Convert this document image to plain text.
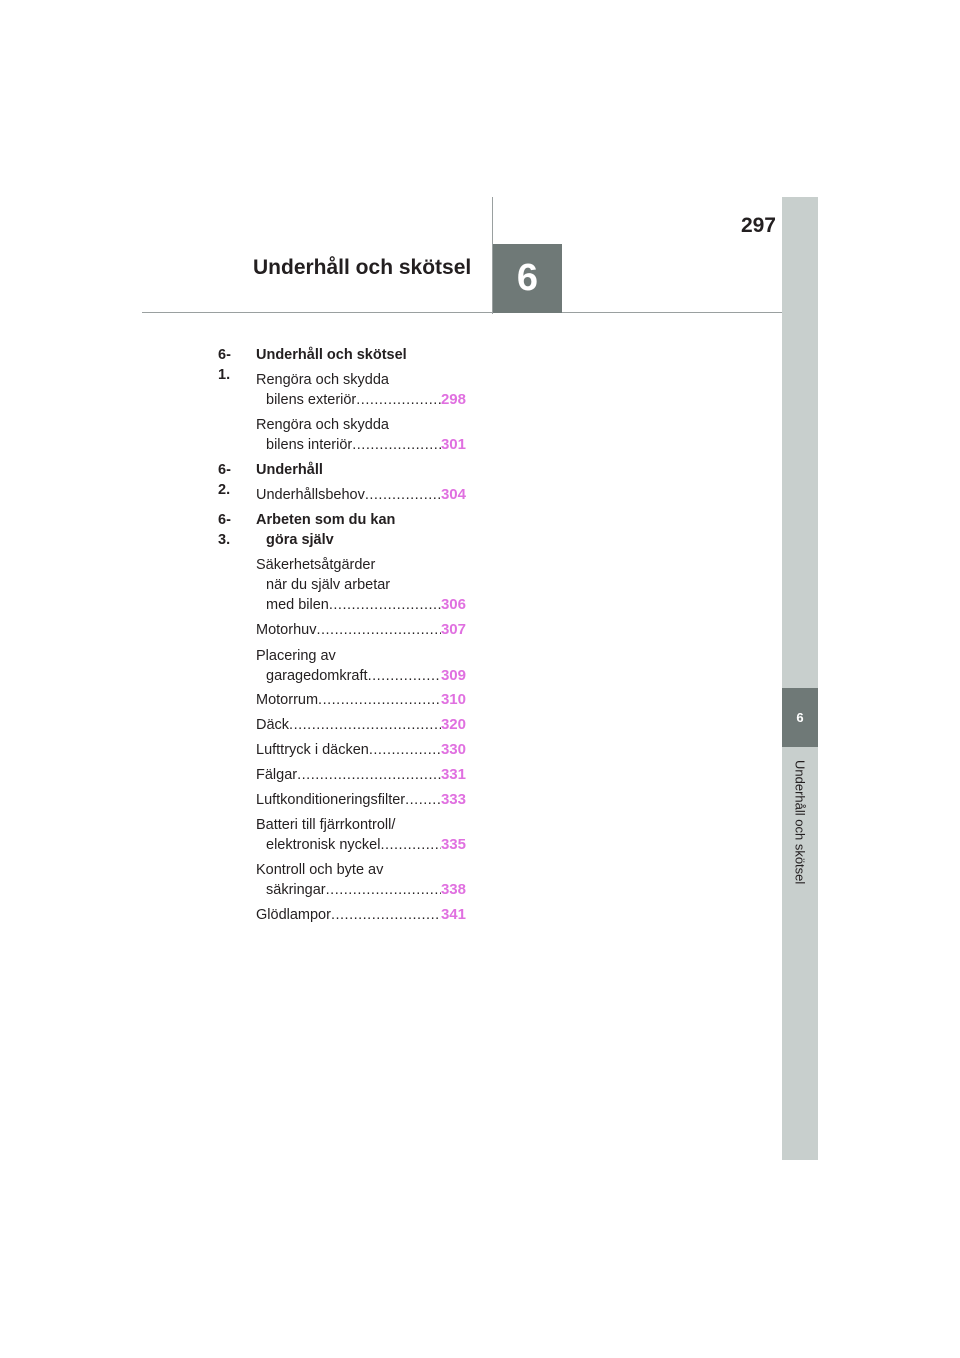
297
Underhåll och skötsel	6
6
Underhåll och skötsel
6-1.
Underhåll och skötsel
Rengöra och skydda
bilens exteriör .....	298
Rengöra och skydda
bilens interiör .....	301
6-2.
Underhåll
Underhållsbehov .....	304
6-3.
Arbeten som du kan
göra själv
Säkerhetsåtgärder
när du själv arbetar
med bilen .....	306
Motorhuv .....	307
Placering av
garagedomkraft .....	309
Motorrum .....	310
Däck .....	320
Lufttryck i däcken .....	330
Fälgar .....	331
Luftkonditioneringsfilter ..... 333
Batteri till fjärrkontroll/
elektronisk nyckel .....	335
Kontroll och byte av
säkringar .....	338
Glödlampor .....	341
